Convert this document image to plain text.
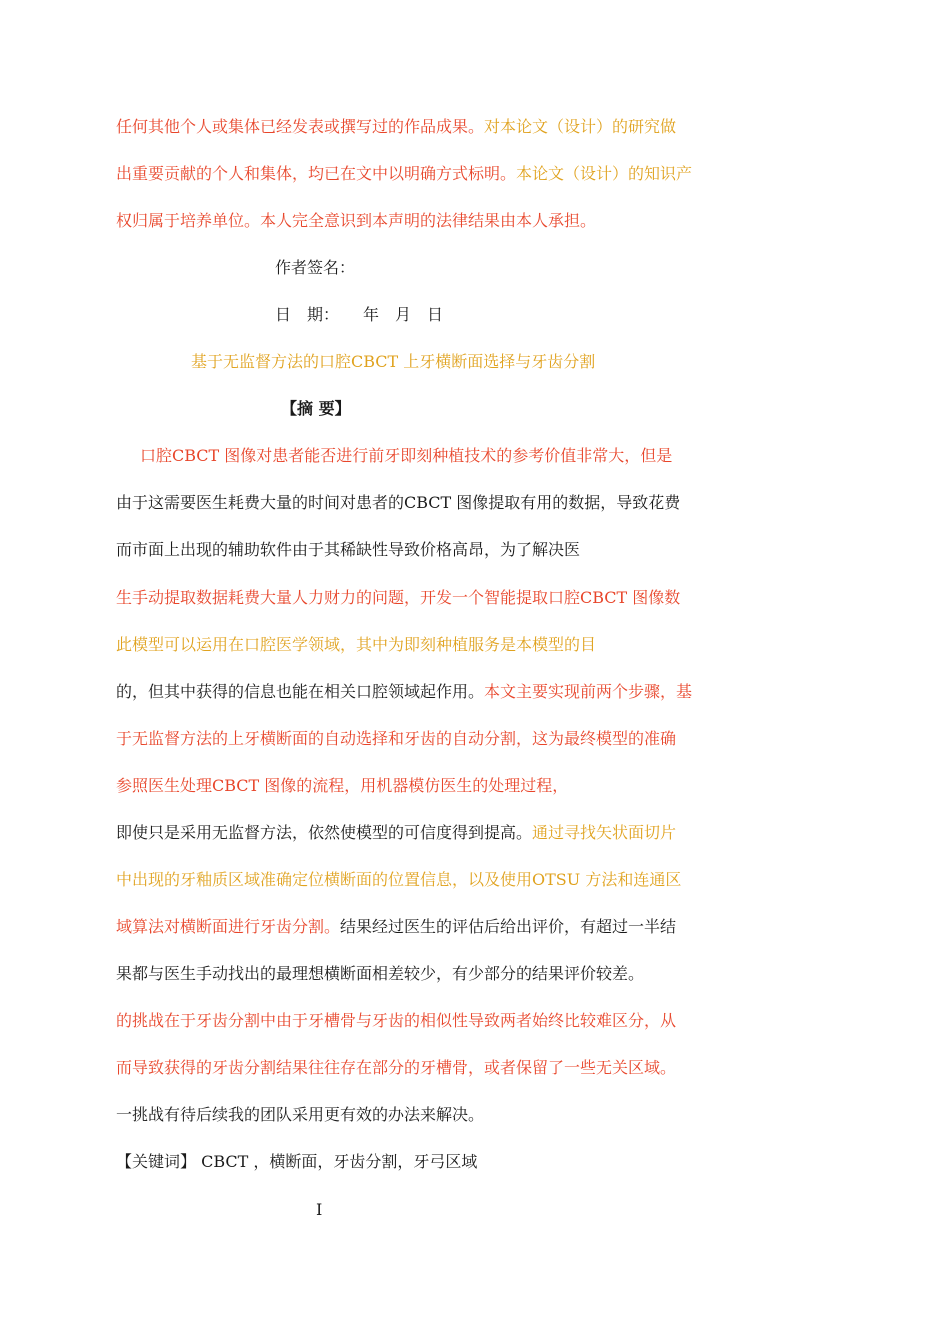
任何其他个人或集体已经发表或撰写过的作品成果。对本论文（设计）的研究做
出重要贡献的个人和集体，均已在文中以明确方式标明。本论文（设计）的知识产
权归属于培养单位。本人完全意识到本声明的法律结果由本人承担。
作者签名：
日　期：　　年　月　日
基于无监督方法的口腔CBCT 上牙横断面选择与牙齿分割
【摘 要】
口腔CBCT 图像对患者能否进行前牙即刻种植技术的参考价值非常大，但是
由于这需要医生耗费大量的时间对患者的CBCT 图像提取有用的数据，导致花费
而市面上出现的辅助软件由于其稀缺性导致价格高昂，为了解决医
生手动提取数据耗费大量人力财力的问题，开发一个智能提取口腔CBCT 图像数
此模型可以运用在口腔医学领域，其中为即刻种植服务是本模型的目
的，但其中获得的信息也能在相关口腔领域起作用。本文主要实现前两个步骤，基
于无监督方法的上牙横断面的自动选择和牙齿的自动分割，这为最终模型的准确
参照医生处理CBCT 图像的流程，用机器模仿医生的处理过程，
即使只是采用无监督方法，依然使模型的可信度得到提高。通过寻找矢状面切片
中出现的牙釉质区域准确定位横断面的位置信息，以及使用OTSU 方法和连通区
域算法对横断面进行牙齿分割。结果经过医生的评估后给出评价，有超过一半结
果都与医生手动找出的最理想横断面相差较少，有少部分的结果评价较差。
的挑战在于牙齿分割中由于牙槽骨与牙齿的相似性导致两者始终比较难区分，从
而导致获得的牙齿分割结果往往存在部分的牙槽骨，或者保留了一些无关区域。
一挑战有待后续我的团队采用更有效的办法来解决。
【关键词】 CBCT ，横断面，牙齿分割，牙弓区域
I
